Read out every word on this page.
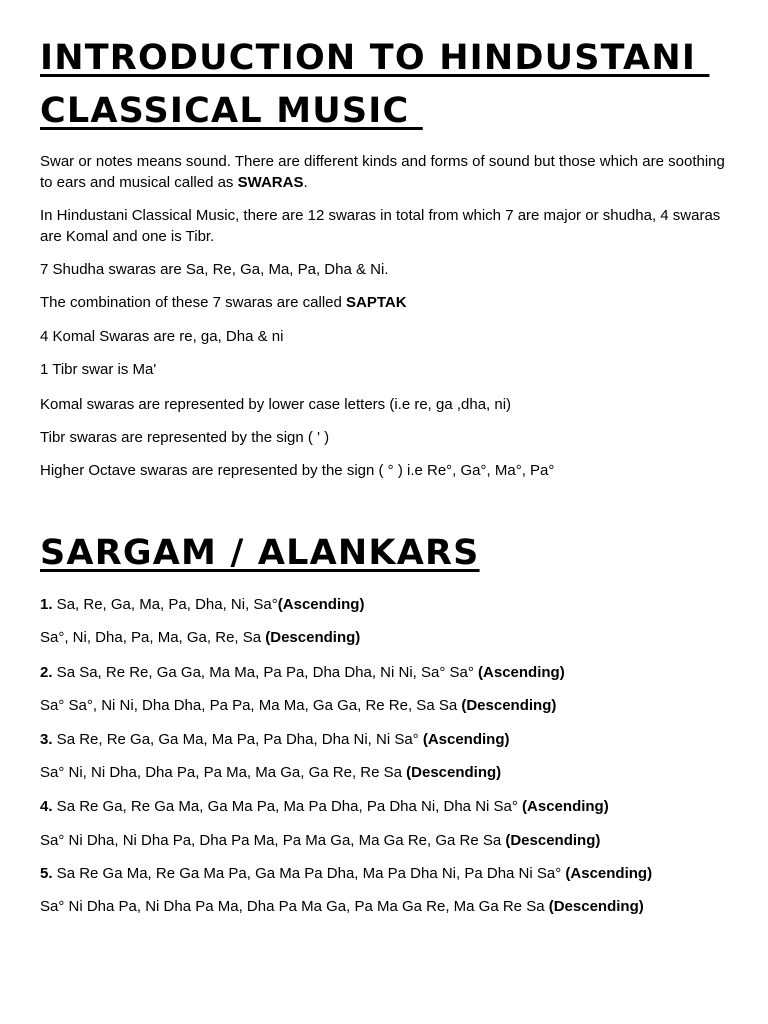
INTRODUCTION TO HINDUSTANI
CLASSICAL MUSIC

Swar or notes means sound. There are different kinds and forms of sound but those which are soothing to ears and musical called as SWARAS.

In Hindustani Classical Music, there are 12 swaras in total from which 7 are major or shudha, 4 swaras are Komal and one is Tibr.

7 Shudha swaras are Sa, Re, Ga, Ma, Pa, Dha & Ni.

The combination of these 7 swaras are called SAPTAK

4 Komal Swaras are re, ga, Dha & ni

1 Tibr swar is Ma'

Komal swaras are represented by lower case letters (i.e re, ga ,dha, ni)

Tibr swaras are represented by the sign ( ' )

Higher Octave swaras are represented by the sign ( ° ) i.e Re°, Ga°, Ma°, Pa°

SARGAM / ALANKARS

1. Sa, Re, Ga, Ma, Pa, Dha, Ni, Sa°(Ascending)

Sa°, Ni, Dha, Pa, Ma, Ga, Re, Sa (Descending)

2. Sa Sa, Re Re, Ga Ga, Ma Ma, Pa Pa, Dha Dha, Ni Ni, Sa° Sa° (Ascending)

Sa° Sa°, Ni Ni, Dha Dha, Pa Pa, Ma Ma, Ga Ga, Re Re, Sa Sa (Descending)

3. Sa Re, Re Ga, Ga Ma, Ma Pa, Pa Dha, Dha Ni, Ni Sa° (Ascending)

Sa° Ni, Ni Dha, Dha Pa, Pa Ma, Ma Ga, Ga Re, Re Sa (Descending)

4. Sa Re Ga, Re Ga Ma, Ga Ma Pa, Ma Pa Dha, Pa Dha Ni, Dha Ni Sa° (Ascending)

Sa° Ni Dha, Ni Dha Pa, Dha Pa Ma, Pa Ma Ga, Ma Ga Re, Ga Re Sa (Descending)

5. Sa Re Ga Ma, Re Ga Ma Pa, Ga Ma Pa Dha, Ma Pa Dha Ni, Pa Dha Ni Sa° (Ascending)

Sa° Ni Dha Pa, Ni Dha Pa Ma, Dha Pa Ma Ga, Pa Ma Ga Re, Ma Ga Re Sa (Descending)
